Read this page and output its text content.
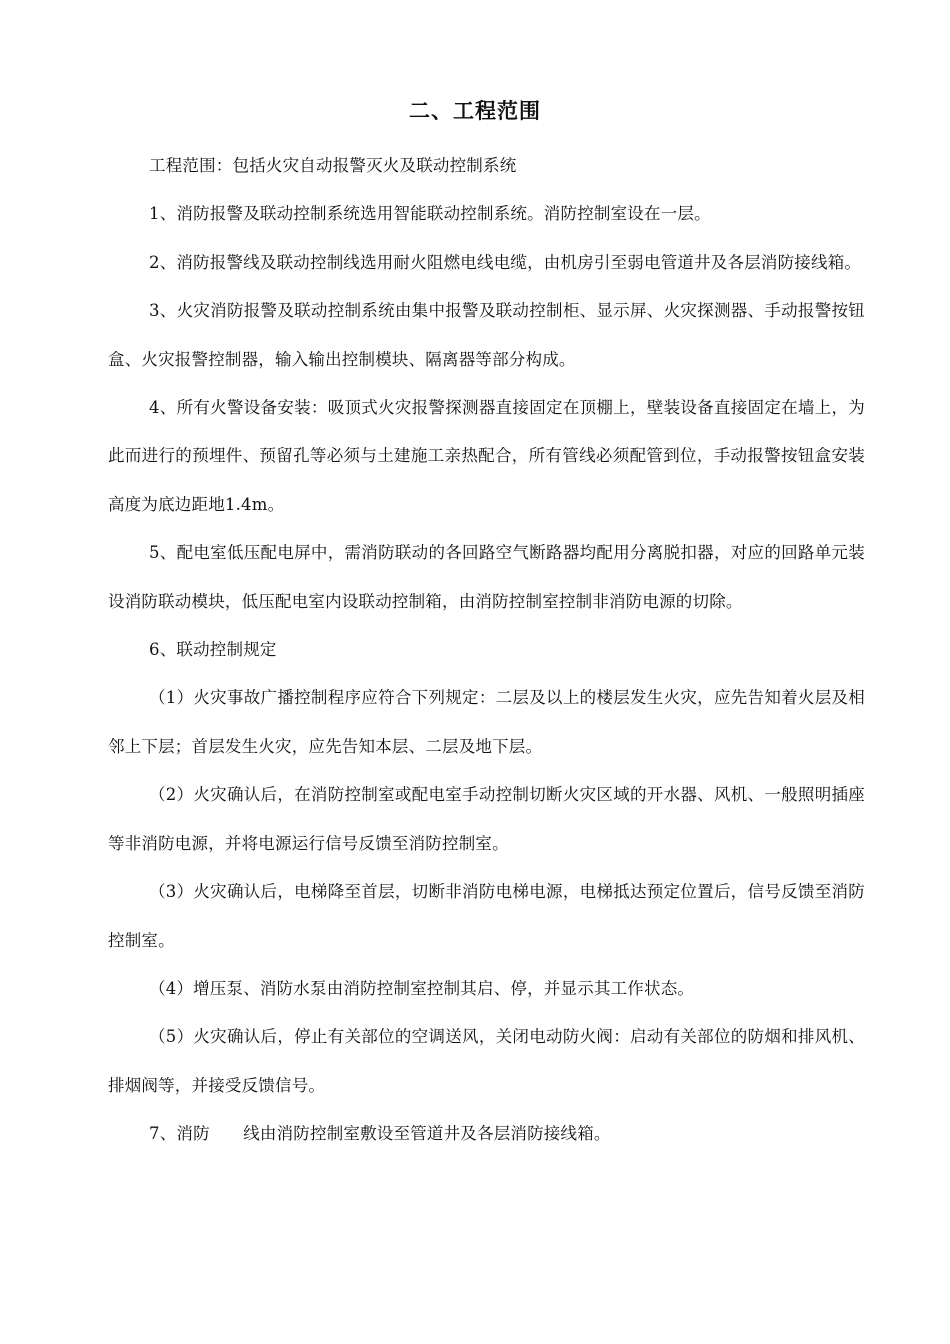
二、工程范围

工程范围：包括火灾自动报警灭火及联动控制系统

1、消防报警及联动控制系统选用智能联动控制系统。消防控制室设在一层。

2、消防报警线及联动控制线选用耐火阻燃电线电缆，由机房引至弱电管道井及各层消防接线箱。

3、火灾消防报警及联动控制系统由集中报警及联动控制柜、显示屏、火灾探测器、手动报警按钮盒、火灾报警控制器，输入输出控制模块、隔离器等部分构成。

4、所有火警设备安装：吸顶式火灾报警探测器直接固定在顶棚上，壁装设备直接固定在墙上，为此而进行的预埋件、预留孔等必须与土建施工亲热配合，所有管线必须配管到位，手动报警按钮盒安装高度为底边距地1.4m。

5、配电室低压配电屏中，需消防联动的各回路空气断路器均配用分离脱扣器，对应的回路单元装设消防联动模块，低压配电室内设联动控制箱，由消防控制室控制非消防电源的切除。

6、联动控制规定

（1）火灾事故广播控制程序应符合下列规定：二层及以上的楼层发生火灾，应先告知着火层及相邻上下层；首层发生火灾，应先告知本层、二层及地下层。

（2）火灾确认后，在消防控制室或配电室手动控制切断火灾区域的开水器、风机、一般照明插座等非消防电源，并将电源运行信号反馈至消防控制室。

（3）火灾确认后，电梯降至首层，切断非消防电梯电源，电梯抵达预定位置后，信号反馈至消防控制室。

（4）增压泵、消防水泵由消防控制室控制其启、停，并显示其工作状态。

（5）火灾确认后，停止有关部位的空调送风，关闭电动防火阀：启动有关部位的防烟和排风机、排烟阀等，并接受反馈信号。

7、消防　　线由消防控制室敷设至管道井及各层消防接线箱。
